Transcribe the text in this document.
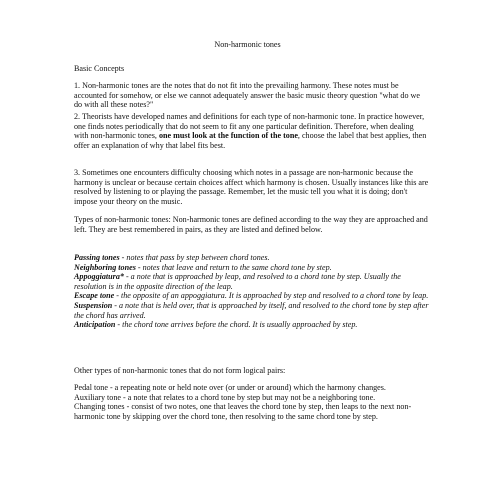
Non-harmonic tones
Basic Concepts
1. Non-harmonic tones are the notes that do not fit into the prevailing harmony. These notes must be accounted for somehow, or else we cannot adequately answer the basic music theory question "what do we do with all these notes?"
2. Theorists have developed names and definitions for each type of non-harmonic tone. In practice however, one finds notes periodically that do not seem to fit any one particular definition. Therefore, when dealing with non-harmonic tones, one must look at the function of the tone, choose the label that best applies, then offer an explanation of why that label fits best.
3. Sometimes one encounters difficulty choosing which notes in a passage are non-harmonic because the harmony is unclear or because certain choices affect which harmony is chosen. Usually instances like this are resolved by listening to or playing the passage. Remember, let the music tell you what it is doing; don't impose your theory on the music.
Types of non-harmonic tones: Non-harmonic tones are defined according to the way they are approached and left. They are best remembered in pairs, as they are listed and defined below.
Passing tones - notes that pass by step between chord tones.
Neighboring tones - notes that leave and return to the same chord tone by step.
Appoggiatura* - a note that is approached by leap, and resolved to a chord tone by step. Usually the resolution is in the opposite direction of the leap.
Escape tone - the opposite of an appoggiatura. It is approached by step and resolved to a chord tone by leap.
Suspension - a note that is held over, that is approached by itself, and resolved to the chord tone by step after the chord has arrived.
Anticipation - the chord tone arrives before the chord. It is usually approached by step.
Other types of non-harmonic tones that do not form logical pairs:
Pedal tone - a repeating note or held note over (or under or around) which the harmony changes.
Auxiliary tone - a note that relates to a chord tone by step but may not be a neighboring tone.
Changing tones - consist of two notes, one that leaves the chord tone by step, then leaps to the next non-harmonic tone by skipping over the chord tone, then resolving to the same chord tone by step.
